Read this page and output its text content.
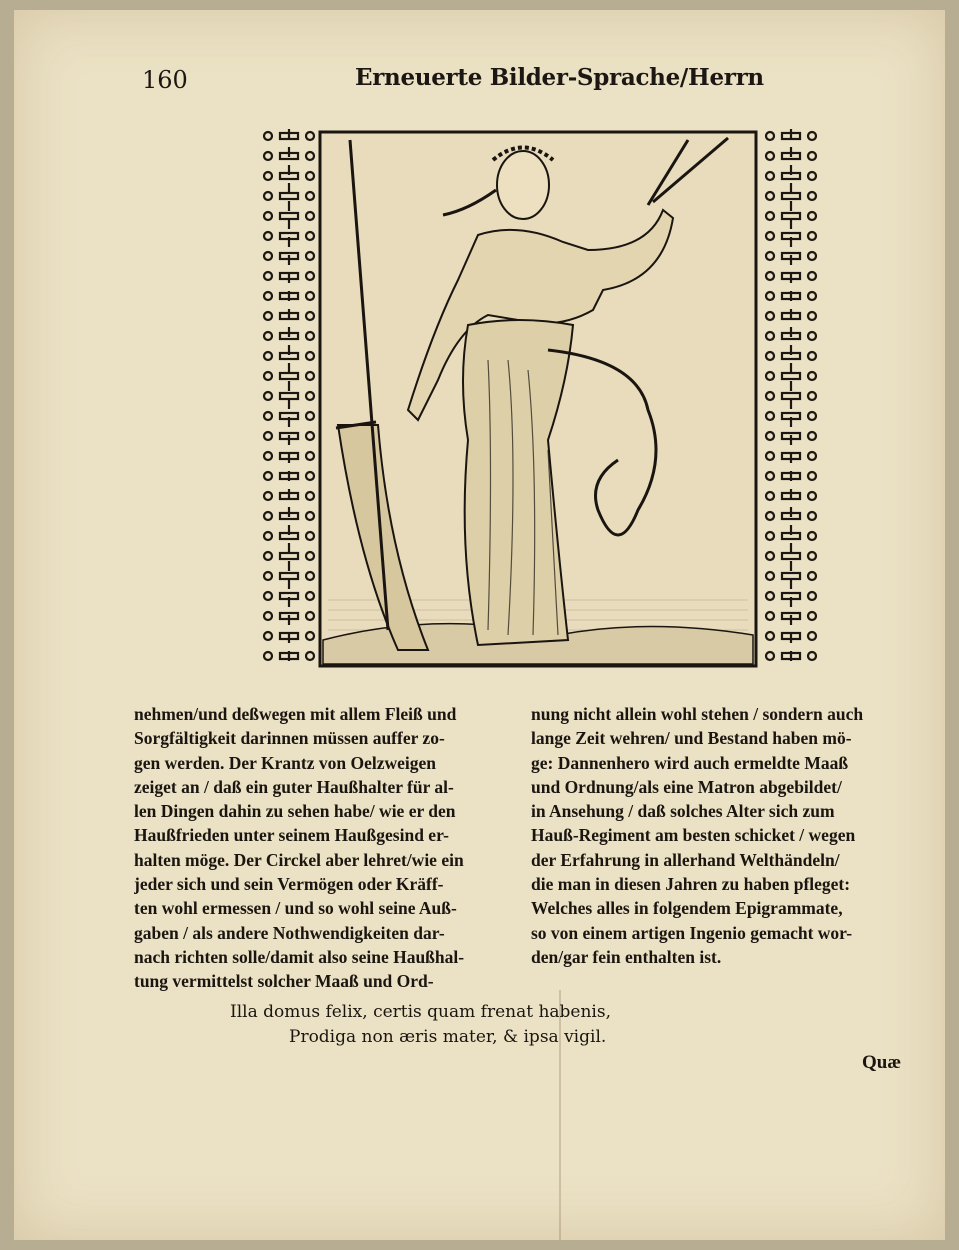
160	Erneuerte Bilder-Sprache/Herrn
nehmen/und deßwegen mit allem Fleiß und
Sorgfältigkeit darinnen müssen auffer zo-
gen werden. Der Krantz von Oelzweigen
zeiget an / daß ein guter Haußhalter für al-
len Dingen dahin zu sehen habe/ wie er den
Haußfrieden unter seinem Haußgesind er-
halten möge. Der Circkel aber lehret/wie ein
jeder sich und sein Vermögen oder Kräff-
ten wohl ermessen / und so wohl seine Auß-
gaben / als andere Nothwendigkeiten dar-
nach richten solle/damit also seine Haußhal-
tung vermittelst solcher Maaß und Ord-
nung nicht allein wohl stehen / sondern auch
lange Zeit wehren/ und Bestand haben mö-
ge: Dannenhero wird auch ermeldte Maaß
und Ordnung/als eine Matron abgebildet/
in Ansehung / daß solches Alter sich zum
Hauß-Regiment am besten schicket / wegen
der Erfahrung in allerhand Welthändeln/
die man in diesen Jahren zu haben pfleget:
Welches alles in folgendem Epigrammate,
so von einem artigen Ingenio gemacht wor-
den/gar fein enthalten ist.
Illa domus felix, certis quam frenat habenis,
Prodiga non æris mater, & ipsa vigil.
Quæ
